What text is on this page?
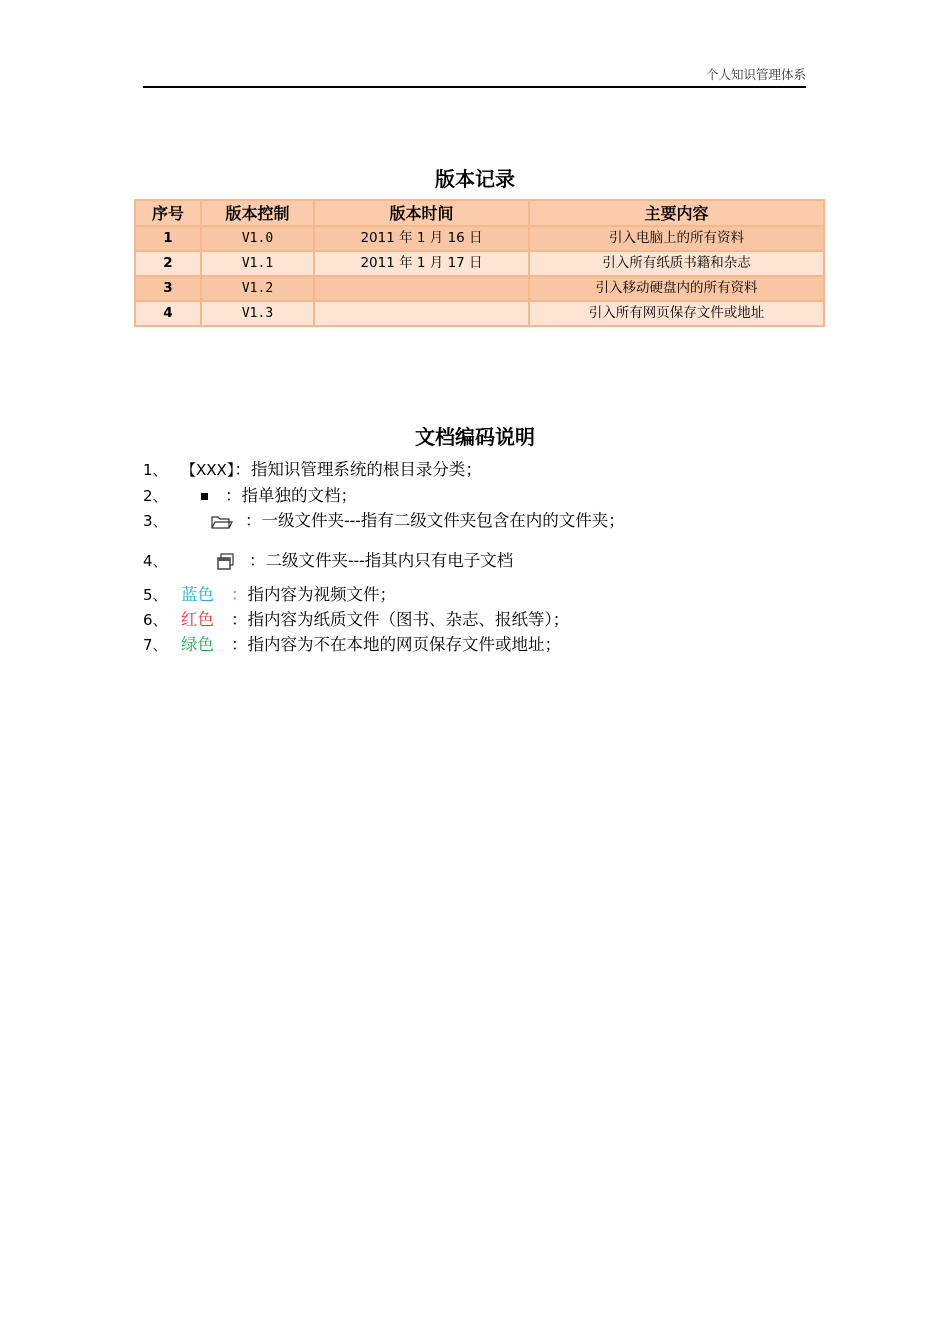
个人知识管理体系
版本记录
序号	版本控制	版本时间	主要内容
1	V1.0	2011 年 1 月 16 日	引入电脑上的所有资料
2	V1.1	2011 年 1 月 17 日	引入所有纸质书籍和杂志
3	V1.2		引入移动硬盘内的所有资料
4	V1.3		引入所有网页保存文件或地址
文档编码说明
1、 【XXX】：指知识管理系统的根目录分类；
2、	：指单独的文档；
3、	：一级文件夹---指有二级文件夹包含在内的文件夹；
4、	：二级文件夹---指其内只有电子文档
5、 蓝色 ：指内容为视频文件；
6、 红色 ：指内容为纸质文件（图书、杂志、报纸等）；
7、 绿色 ：指内容为不在本地的网页保存文件或地址；
